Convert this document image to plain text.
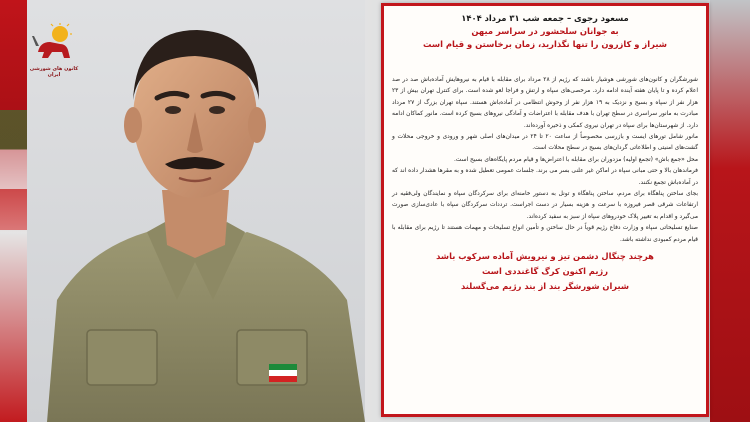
کانون های شورشی ایران
مسعود رجوی – جمعه شب ۳۱ مرداد ۱۴۰۴
به جوانان سلحشور در سراسر میهن
شیراز و کازرون را تنها نگذارید، زمان برخاستن و قیام است

شورشگران و کانون‌های شورشی هوشیار باشند که رژیم از ۲۸ مرداد برای مقابله با قیام به نیروهایش آماده‌باش صد در صد اعلام کرده و تا پایان هفته آینده ادامه دارد. مرخصی‌های سپاه و ارتش و فراجا لغو شده است. برای کنترل تهران بیش از ۲۳ هزار نفر از سپاه و بسیج و نزدیک به ۱۹ هزار نفر از وحوش انتظامی در آماده‌باش هستند. سپاه تهران بزرگ از ۲۷ مرداد مبادرت به مانور سراسری در سطح تهران با هدف مقابله با اعتراضات و آمادگی نیروهای بسیج کرده است. مانور کماکان ادامه دارد. از شهرستان‌ها برای سپاه در تهران نیروی کمکی و ذخیره آورده‌اند.

مانور شامل تورهای ایست و بازرسی مخصوصاً از ساعت ۲۰ تا ۲۴ در میدان‌های اصلی شهر و ورودی و خروجی محلات و گشت‌های امنیتی و اطلاعاتی گردان‌های بسیج در سطح محلات است.

محل «جمع باش» (تجمع اولیه) مزدوران برای مقابله با اعتراض‌ها و قیام مردم پایگاه‌های بسیج است.

فرماندهان بالا و حتی مبانی سپاه در اماکن غیر علنی بسر می برند. جلسات عمومی تعطیل شده و به مقرها هشدار داده اند که در آماده‌باش تجمع نکنند.

بجای ساختن پناهگاه برای مردم، ساختن پناهگاه و تونل به دستور خامنه‌ای برای سرکردگان سپاه و نمایندگان ولی‌فقیه در ارتفاعات شرقی قصر فیروزه با سرعت و هزینه بسیار در دست اجراست. ترددات سرکردگان سپاه با عادی‌سازی صورت می‌گیرد و اقدام به تغییر پلاک خودروهای سپاه از سبز به سفید کرده‌اند.

صنایع تسلیحاتی سپاه و وزارت دفاع رژیم قویاً در حال ساختن و تأمین انواع تسلیحات و مهمات هستند تا رژیم برای مقابله با قیام مردم کمبودی نداشته باشد.

هرچند چنگال دشمن تیز و نیرویش آماده سرکوب باشد
رژیم اکنون کرگ گاغنددی است
شیران شورشگر بند از بند رژیم می‌گسلند
